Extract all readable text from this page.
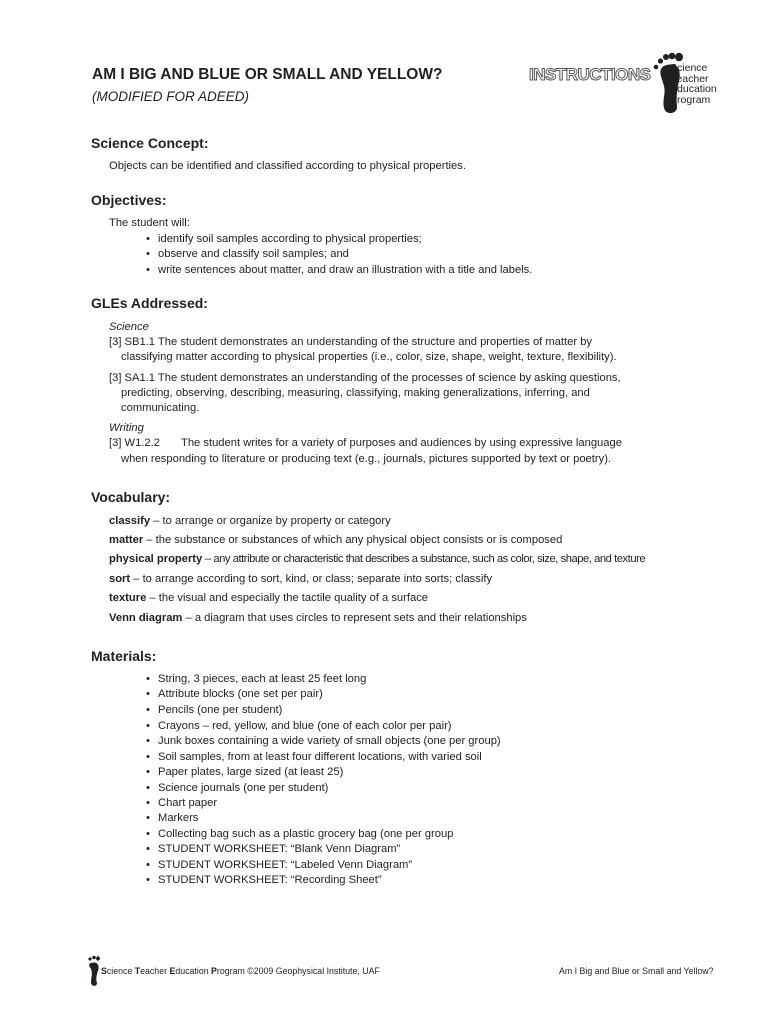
AM I BIG AND BLUE OR SMALL AND YELLOW?
(MODIFIED FOR ADEED)
INSTRUCTIONS Science
Teacher
Education
Program
Science Concept:
Objects can be identified and classified according to physical properties.
Objectives:
The student will:
• identify soil samples according to physical properties;
• observe and classify soil samples; and
• write sentences about matter, and draw an illustration with a title and labels.
GLEs Addressed:
Science
[3] SB1.1 The student demonstrates an understanding of the structure and properties of matter by
classifying matter according to physical properties (i.e., color, size, shape, weight, texture, flexibility).
[3] SA1.1 The student demonstrates an understanding of the processes of science by asking questions,
predicting, observing, describing, measuring, classifying, making generalizations, inferring, and
communicating.
Writing
[3] W1.2.2 The student writes for a variety of purposes and audiences by using expressive language
when responding to literature or producing text (e.g., journals, pictures supported by text or poetry).
Vocabulary:
classify – to arrange or organize by property or category
matter – the substance or substances of which any physical object consists or is composed
physical property – any attribute or characteristic that describes a substance, such as color, size, shape, and texture
sort – to arrange according to sort, kind, or class; separate into sorts; classify
texture – the visual and especially the tactile quality of a surface
Venn diagram – a diagram that uses circles to represent sets and their relationships
Materials:
• String, 3 pieces, each at least 25 feet long
• Attribute blocks (one set per pair)
• Pencils (one per student)
• Crayons – red, yellow, and blue (one of each color per pair)
• Junk boxes containing a wide variety of small objects (one per group)
• Soil samples, from at least four different locations, with varied soil
• Paper plates, large sized (at least 25)
• Science journals (one per student)
• Chart paper
• Markers
• Collecting bag such as a plastic grocery bag (one per group
• STUDENT WORKSHEET: “Blank Venn Diagram”
• STUDENT WORKSHEET: “Labeled Venn Diagram”
• STUDENT WORKSHEET: “Recording Sheet”
Science Teacher Education Program ©2009 Geophysical Institute, UAF	Am I Big and Blue or Small and Yellow?
